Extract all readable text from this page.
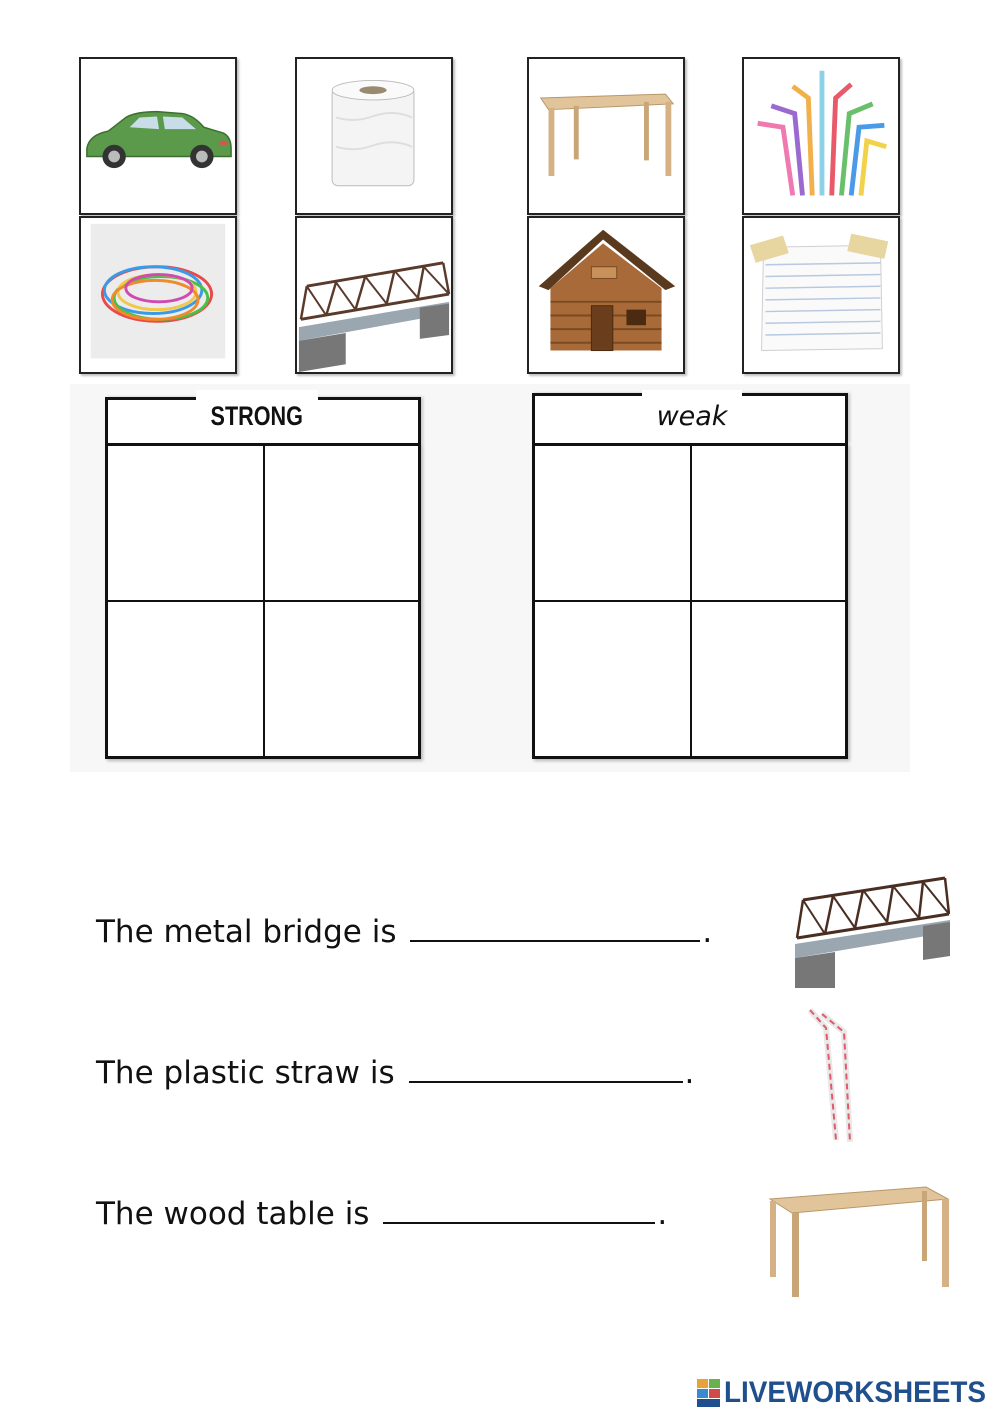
STRONG	weak
The metal bridge is	.
The plastic straw is	.
The wood table is	.
LIVEWORKSHEETS
